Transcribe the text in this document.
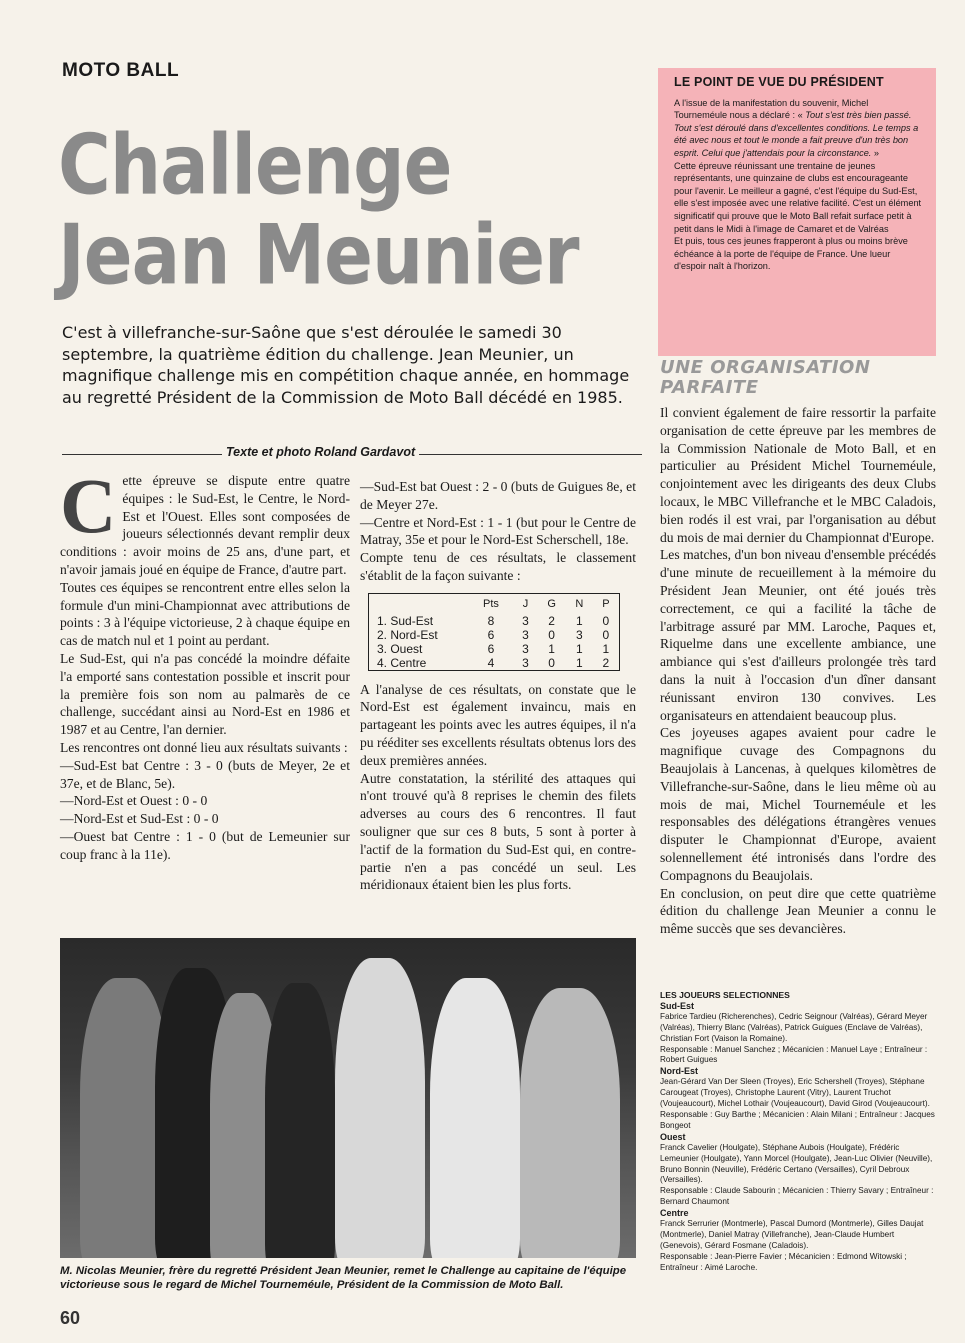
MOTO BALL
Challenge
Jean Meunier
LE POINT DE VUE DU PRÉSIDENT

A l'issue de la manifestation du souvenir, Michel Tourneméule nous a déclaré : « Tout s'est très bien passé. Tout s'est déroulé dans d'excellentes conditions. Le temps a été avec nous et tout le monde a fait preuve d'un très bon esprit. Celui que j'attendais pour la circonstance. »

Cette épreuve réunissant une trentaine de jeunes représentants, une quinzaine de clubs est encourageante pour l'avenir. Le meilleur a gagné, c'est l'équipe du Sud-Est, elle s'est imposée avec une relative facilité. C'est un élément significatif qui prouve que le Moto Ball refait surface petit à petit dans le Midi à l'image de Camaret et de Valréas

Et puis, tous ces jeunes frapperont à plus ou moins brève échéance à la porte de l'équipe de France. Une lueur d'espoir naît à l'horizon.

C'est à villefranche-sur-Saône que s'est déroulée le samedi 30 septembre, la quatrième édition du challenge. Jean Meunier, un magnifique challenge mis en compétition chaque année, en hommage au regretté Président de la Commission de Moto Ball décédé en 1985.
Texte et photo Roland Gardavot

Cette épreuve se dispute entre quatre équipes : le Sud-Est, le Centre, le Nord-Est et l'Ouest. Elles sont composées de joueurs sélectionnés devant remplir deux conditions : avoir moins de 25 ans, d'une part, et n'avoir jamais joué en équipe de France, d'autre part.

Toutes ces équipes se rencontrent entre elles selon la formule d'un mini-Championnat avec attributions de points : 3 à l'équipe victorieuse, 2 à chaque équipe en cas de match nul et 1 point au perdant.

Le Sud-Est, qui n'a pas concédé la moindre défaite l'a emporté sans contestation possible et inscrit pour la première fois son nom au palmarès de ce challenge, succédant ainsi au Nord-Est en 1986 et 1987 et au Centre, l'an dernier.

Les rencontres ont donné lieu aux résultats suivants :

—Sud-Est bat Centre : 3 - 0 (buts de Meyer, 2e et 37e, et de Blanc, 5e).

—Nord-Est et Ouest : 0 - 0

—Nord-Est et Sud-Est : 0 - 0

—Ouest bat Centre : 1 - 0 (but de Lemeunier sur coup franc à la 11e).

—Sud-Est bat Ouest : 2 - 0 (buts de Guigues 8e, et de Meyer 27e.

—Centre et Nord-Est : 1 - 1 (but pour le Centre de Matray, 35e et pour le Nord-Est Scherschell, 18e.

Compte tenu de ces résultats, le classement s'établit de la façon suivante :

	Pts	J	G	N	P
1. Sud-Est	8	3	2	1	0
2. Nord-Est	6	3	0	3	0
3. Ouest	6	3	1	1	1
4. Centre	4	3	0	1	2

A l'analyse de ces résultats, on constate que le Nord-Est est également invaincu, mais en partageant les points avec les autres équipes, il n'a pu rééditer ses excellents résultats obtenus lors des deux premières années.

Autre constatation, la stérilité des attaques qui n'ont trouvé qu'à 8 reprises le chemin des filets adverses au cours des 6 rencontres. Il faut souligner que sur ces 8 buts, 5 sont à porter à l'actif de la formation du Sud-Est qui, en contre-partie n'en a pas concédé un seul. Les méridionaux étaient bien les plus forts.

UNE ORGANISATION
PARFAITE

Il convient également de faire ressortir la parfaite organisation de cette épreuve par les membres de la Commission Nationale de Moto Ball, et en particulier au Président Michel Tourneméule, conjointement avec les dirigeants des deux Clubs locaux, le MBC Villefranche et le MBC Caladois, bien rodés il est vrai, par l'organisation au début du mois de mai dernier du Championnat d'Europe.

Les matches, d'un bon niveau d'ensemble précédés d'une minute de recueillement à la mémoire du Président Jean Meunier, ont été joués très correctement, ce qui a facilité la tâche de l'arbitrage assuré par MM. Laroche, Paques et, Riquelme dans une excellente ambiance, une ambiance qui s'est d'ailleurs prolongée très tard dans la nuit à l'occasion d'un dîner dansant réunissant environ 130 convives. Les organisateurs en attendaient beaucoup plus.

Ces joyeuses agapes avaient pour cadre le magnifique cuvage des Compagnons du Beaujolais à Lancenas, à quelques kilomètres de Villefranche-sur-Saône, dans le lieu même où au mois de mai, Michel Tourneméule et les responsables des délégations étrangères venues disputer le Championnat d'Europe, avaient solennellement été intronisés dans l'ordre des Compagnons du Beaujolais.

En conclusion, on peut dire que cette quatrième édition du challenge Jean Meunier a connu le même succès que ses devancières.

M. Nicolas Meunier, frère du regretté Président Jean Meunier, remet le Challenge au capitaine de l'équipe victorieuse sous le regard de Michel Tourneméule, Président de la Commission de Moto Ball.
LES JOUEURS SELECTIONNES
Sud-Est
Fabrice Tardieu (Richerenches), Cedric Seignour (Valréas), Gérard Meyer (Valréas), Thierry Blanc (Valréas), Patrick Guigues (Enclave de Valréas), Christian Fort (Vaison la Romaine).
Responsable : Manuel Sanchez ; Mécanicien : Manuel Laye ; Entraîneur : Robert Guigues
Nord-Est
Jean-Gérard Van Der Sleen (Troyes), Eric Schershell (Troyes), Stéphane Carougeat (Troyes), Christophe Laurent (Vitry), Laurent Truchot (Voujeaucourt), Michel Lothair (Voujeaucourt), David Girod (Voujeaucourt).
Responsable : Guy Barthe ; Mécanicien : Alain Milani ; Entraîneur : Jacques Bongeot
Ouest
Franck Cavelier (Houlgate), Stéphane Aubois (Houlgate), Frédéric Lemeunier (Houlgate), Yann Morcel (Houlgate), Jean-Luc Olivier (Neuville), Bruno Bonnin (Neuville), Frédéric Certano (Versailles), Cyril Debroux (Versailles).
Responsable : Claude Sabourin ; Mécanicien : Thierry Savary ; Entraîneur : Bernard Chaumont
Centre
Franck Serrurier (Montmerle), Pascal Dumord (Montmerle), Gilles Daujat (Montmerle), Daniel Matray (Villefranche), Jean-Claude Humbert (Genevois), Gérard Fosmane (Caladois).
Responsable : Jean-Pierre Favier ; Mécanicien : Edmond Witowski ; Entraîneur : Aimé Laroche.
60
